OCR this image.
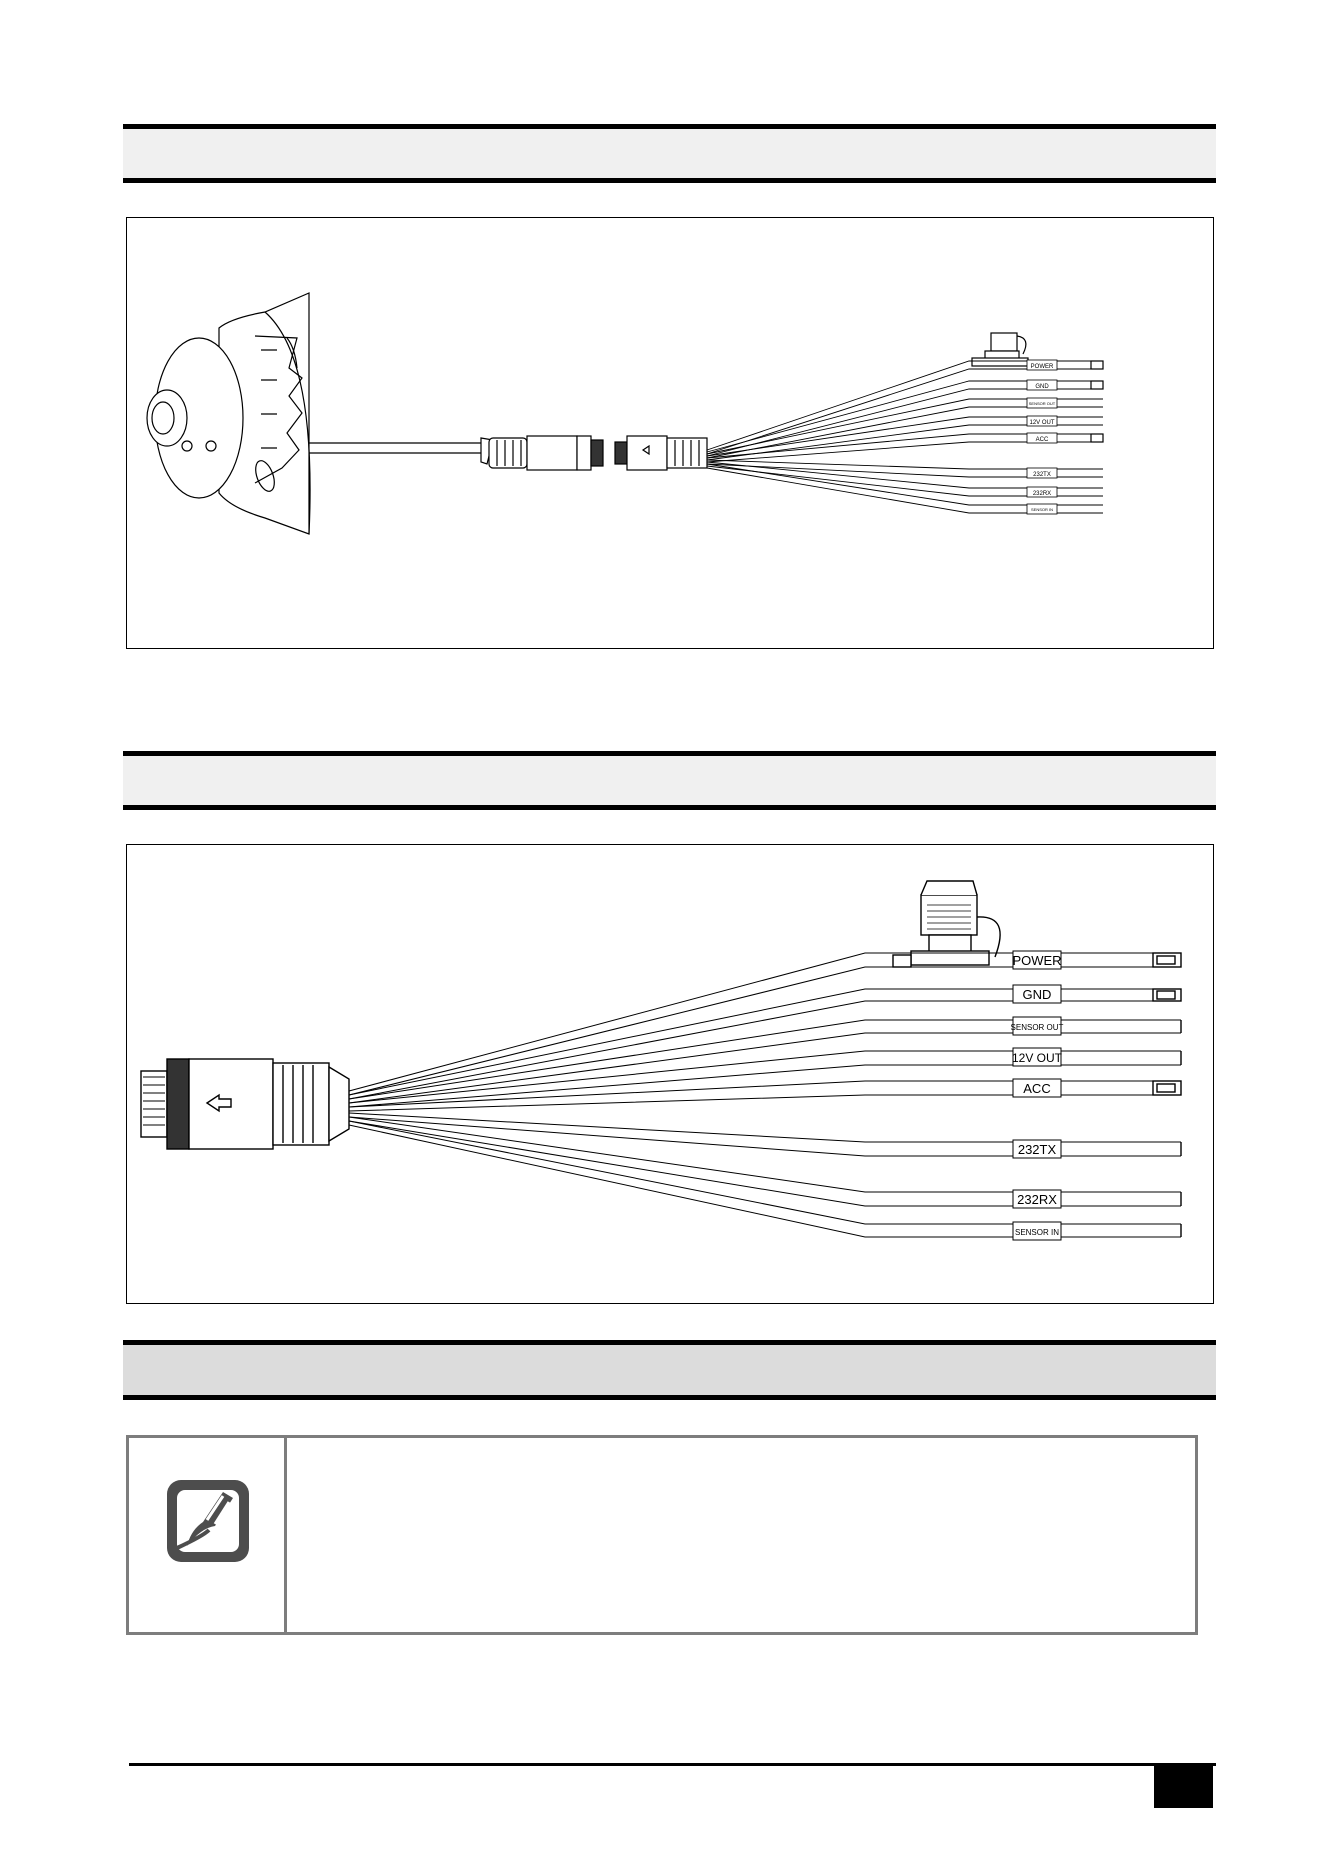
POWER
GND
SENSOR OUT
12V OUT
ACC
232TX
232RX
SENSOR IN
POWER
GND
SENSOR OUT
12V OUT
ACC
232TX
232RX
SENSOR IN
